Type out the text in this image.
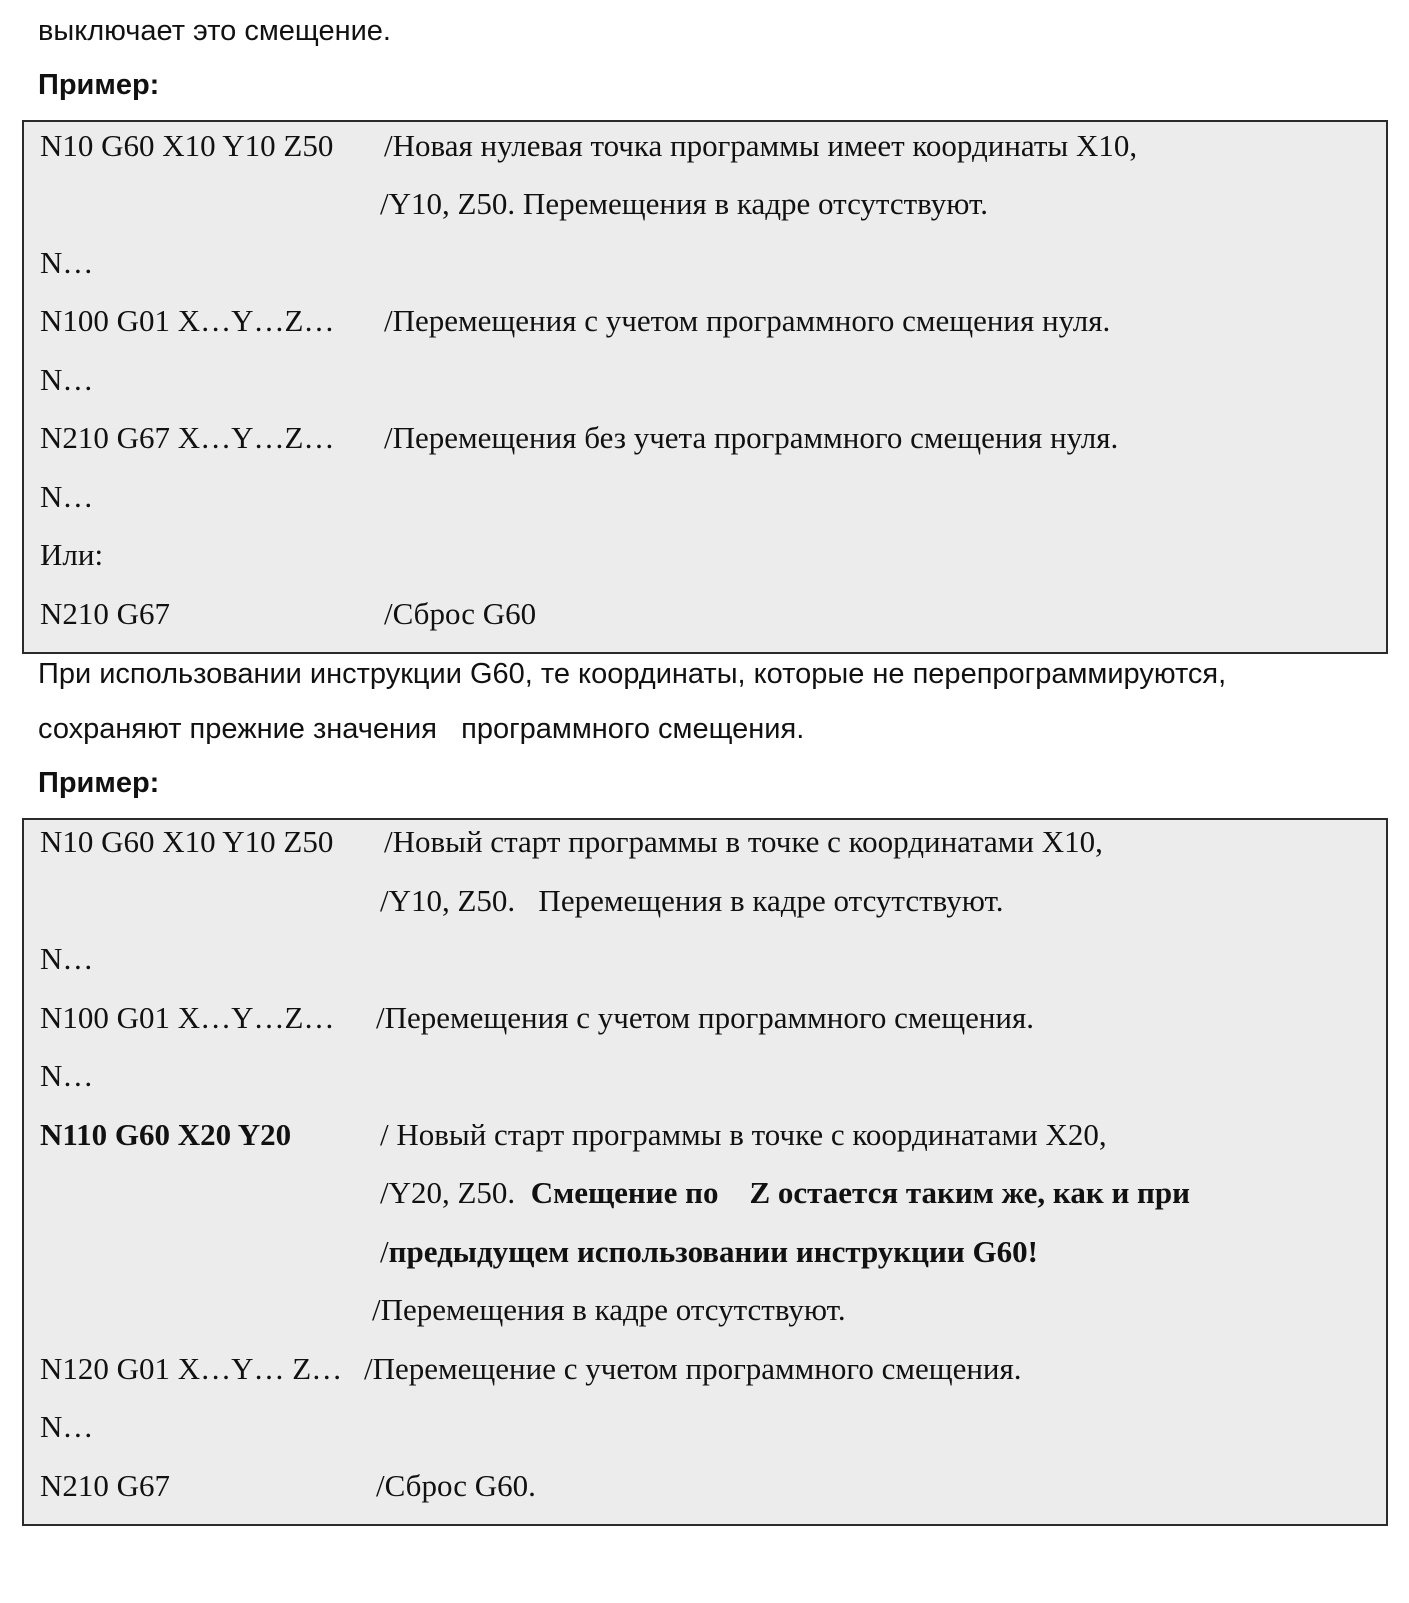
выключает это смещение.
Пример:
N10 G60 X10 Y10 Z50 /Новая нулевая точка программы имеет координаты X10,
/Y10, Z50. Перемещения в кадре отсутствуют.
N…
N100 G01 X…Y…Z… /Перемещения с учетом программного смещения нуля.
N…
N210 G67 X…Y…Z… /Перемещения без учета программного смещения нуля.
N…
Или:
N210 G67	/Сброс G60
При использовании инструкции G60, те координаты, которые не перепрограммируются,
сохраняют прежние значения   программного смещения.
Пример:
N10 G60 X10 Y10 Z50 /Новый старт программы в точке с координатами X10,
/Y10, Z50.   Перемещения в кадре отсутствуют.
N…
N100 G01 X…Y…Z… /Перемещения с учетом программного смещения.
N…
N110 G60 X20 Y20	/ Новый старт программы в точке с координатами X20,
/Y20, Z50.  Смещение по    Z остается таким же, как и при
/предыдущем использовании инструкции G60!
/Перемещения в кадре отсутствуют.
N120 G01 X…Y… Z… /Перемещение с учетом программного смещения.
N…
N210 G67	/Сброс G60.
